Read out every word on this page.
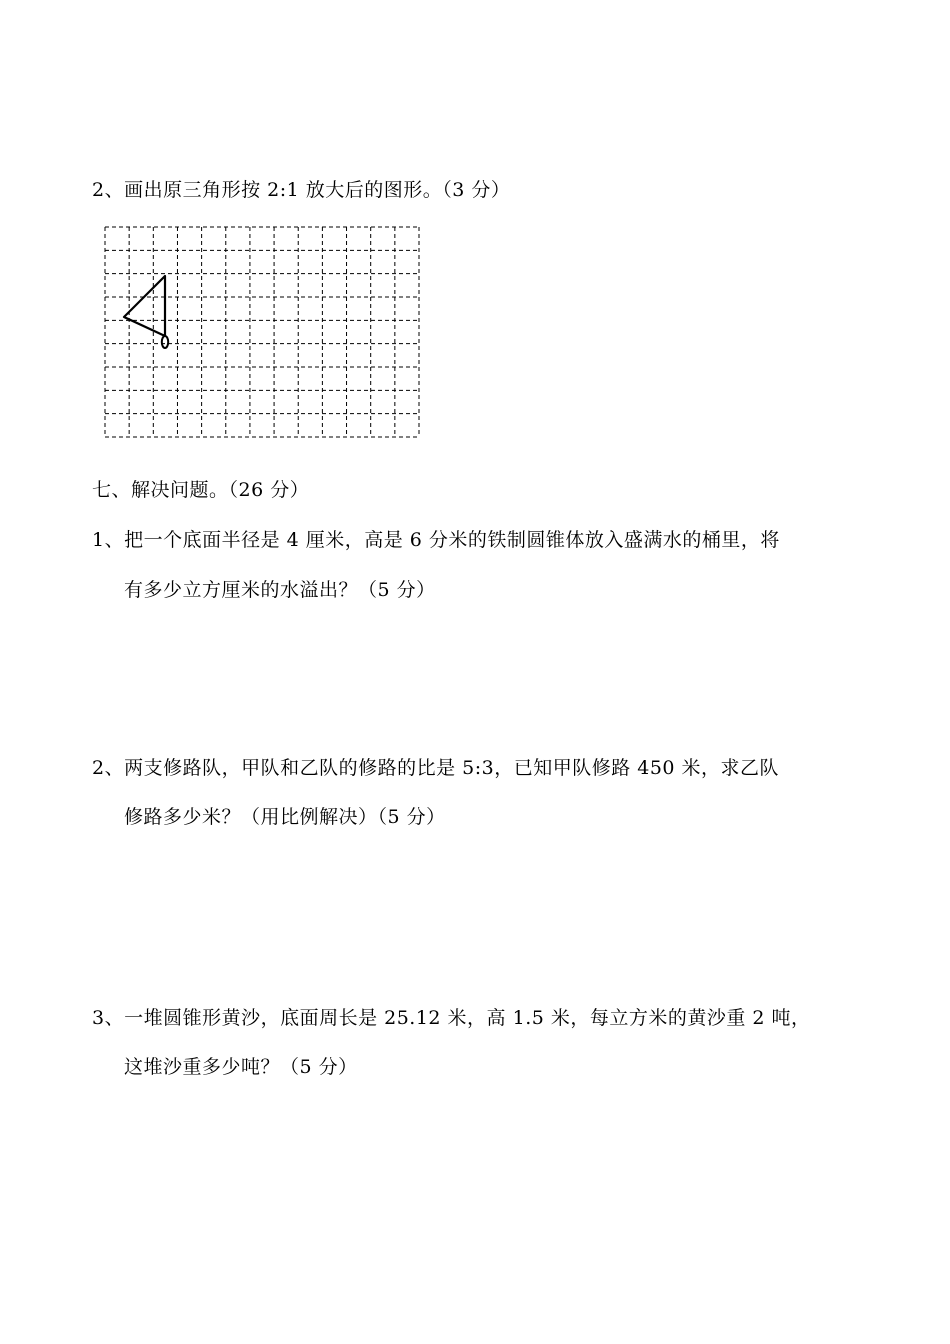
2、画出原三角形按 2:1 放大后的图形。（3 分）
七、解决问题。（26 分）
1、把一个底面半径是 4 厘米，高是 6 分米的铁制圆锥体放入盛满水的桶里，将
有多少立方厘米的水溢出？（5 分）
2、两支修路队，甲队和乙队的修路的比是 5:3，已知甲队修路 450 米，求乙队
修路多少米？（用比例解决）（5 分）
3、一堆圆锥形黄沙，底面周长是 25.12 米，高 1.5 米，每立方米的黄沙重 2 吨，
这堆沙重多少吨？（5 分）
